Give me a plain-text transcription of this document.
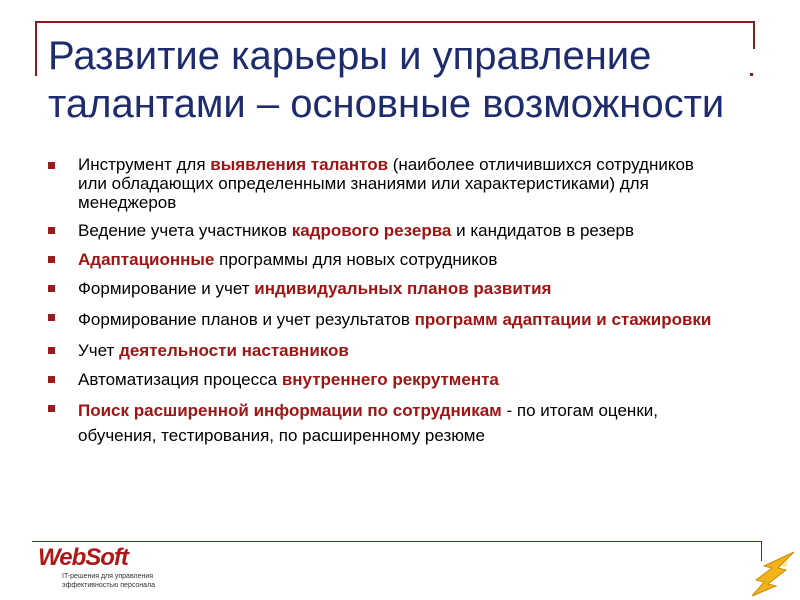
Развитие карьеры и управление талантами – основные возможности
Инструмент для выявления талантов (наиболее отличившихся сотрудников или обладающих определенными знаниями или характеристиками) для менеджеров
Ведение учета участников кадрового резерва и кандидатов в резерв
Адаптационные программы для новых сотрудников
Формирование и учет индивидуальных планов развития
Формирование планов и учет результатов программ адаптации и стажировки
Учет деятельности наставников
Автоматизация процесса внутреннего рекрутмента
Поиск расширенной информации по сотрудникам - по итогам оценки, обучения, тестирования, по расширенному резюме
WebSoft
IT-решения для управления эффективностью персонала
